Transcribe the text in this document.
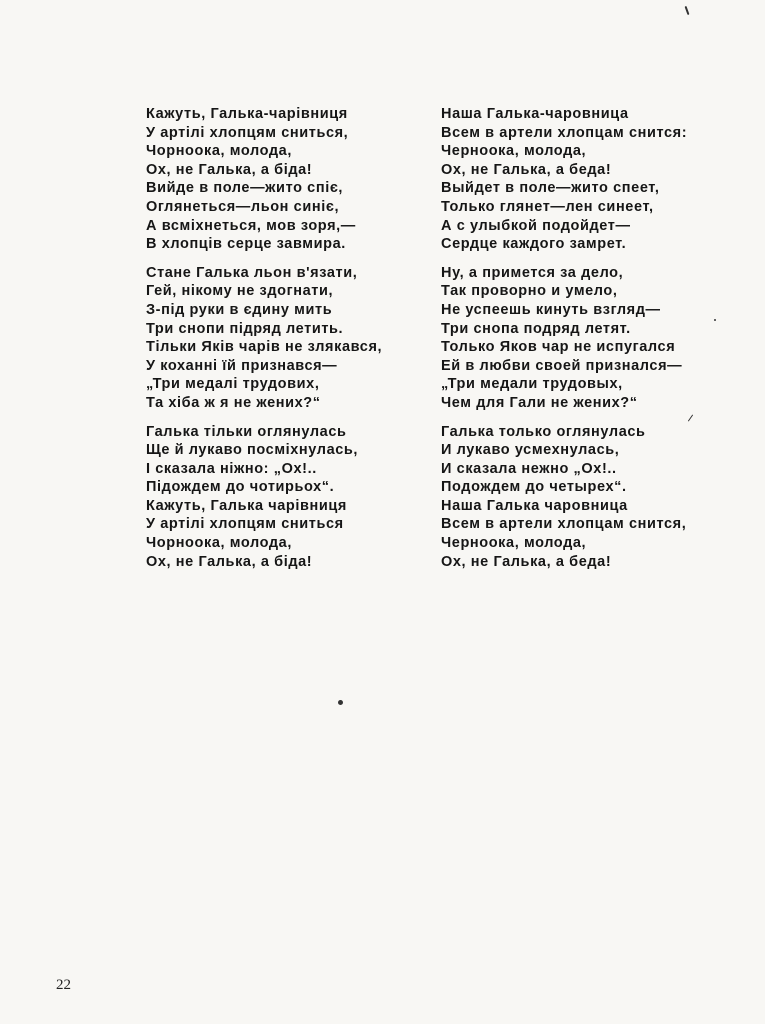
Кажуть, Галька-чарівниця
У артілі хлопцям сниться,
Чорноока, молода,
Ох, не Галька, а біда!
Вийде в поле—жито спіє,
Оглянеться—льон синіє,
А всміхнеться, мов зоря,—
В хлопців серце завмира.
Стане Галька льон в'язати,
Гей, нікому не здогнати,
З-під руки в єдину мить
Три снопи підряд летить.
Тільки Яків чарів не злякався,
У коханні їй признався—
„Три медалі трудових,
Та хіба ж я не жених?“
Галька тільки оглянулась
Ще й лукаво посміхнулась,
І сказала ніжно: „Ох!..
Підождем до чотирьох“.
Кажуть, Галька чарівниця
У артілі хлопцям сниться
Чорноока, молода,
Ох, не Галька, а біда!
Наша Галька-чаровница
Всем в артели хлопцам снится:
Черноока, молода,
Ох, не Галька, а беда!
Выйдет в поле—жито спеет,
Только глянет—лен синеет,
А с улыбкой подойдет—
Сердце каждого замрет.
Ну, а примется за дело,
Так проворно и умело,
Не успеешь кинуть взгляд—
Три снопа подряд летят.
Только Яков чар не испугался
Ей в любви своей признался—
„Три медали трудовых,
Чем для Гали не жених?“
Галька только оглянулась
И лукаво усмехнулась,
И сказала нежно „Ох!..
Подождем до четырех“.
Наша Галька чаровница
Всем в артели хлопцам снится,
Черноока, молода,
Ох, не Галька, а беда!
22
